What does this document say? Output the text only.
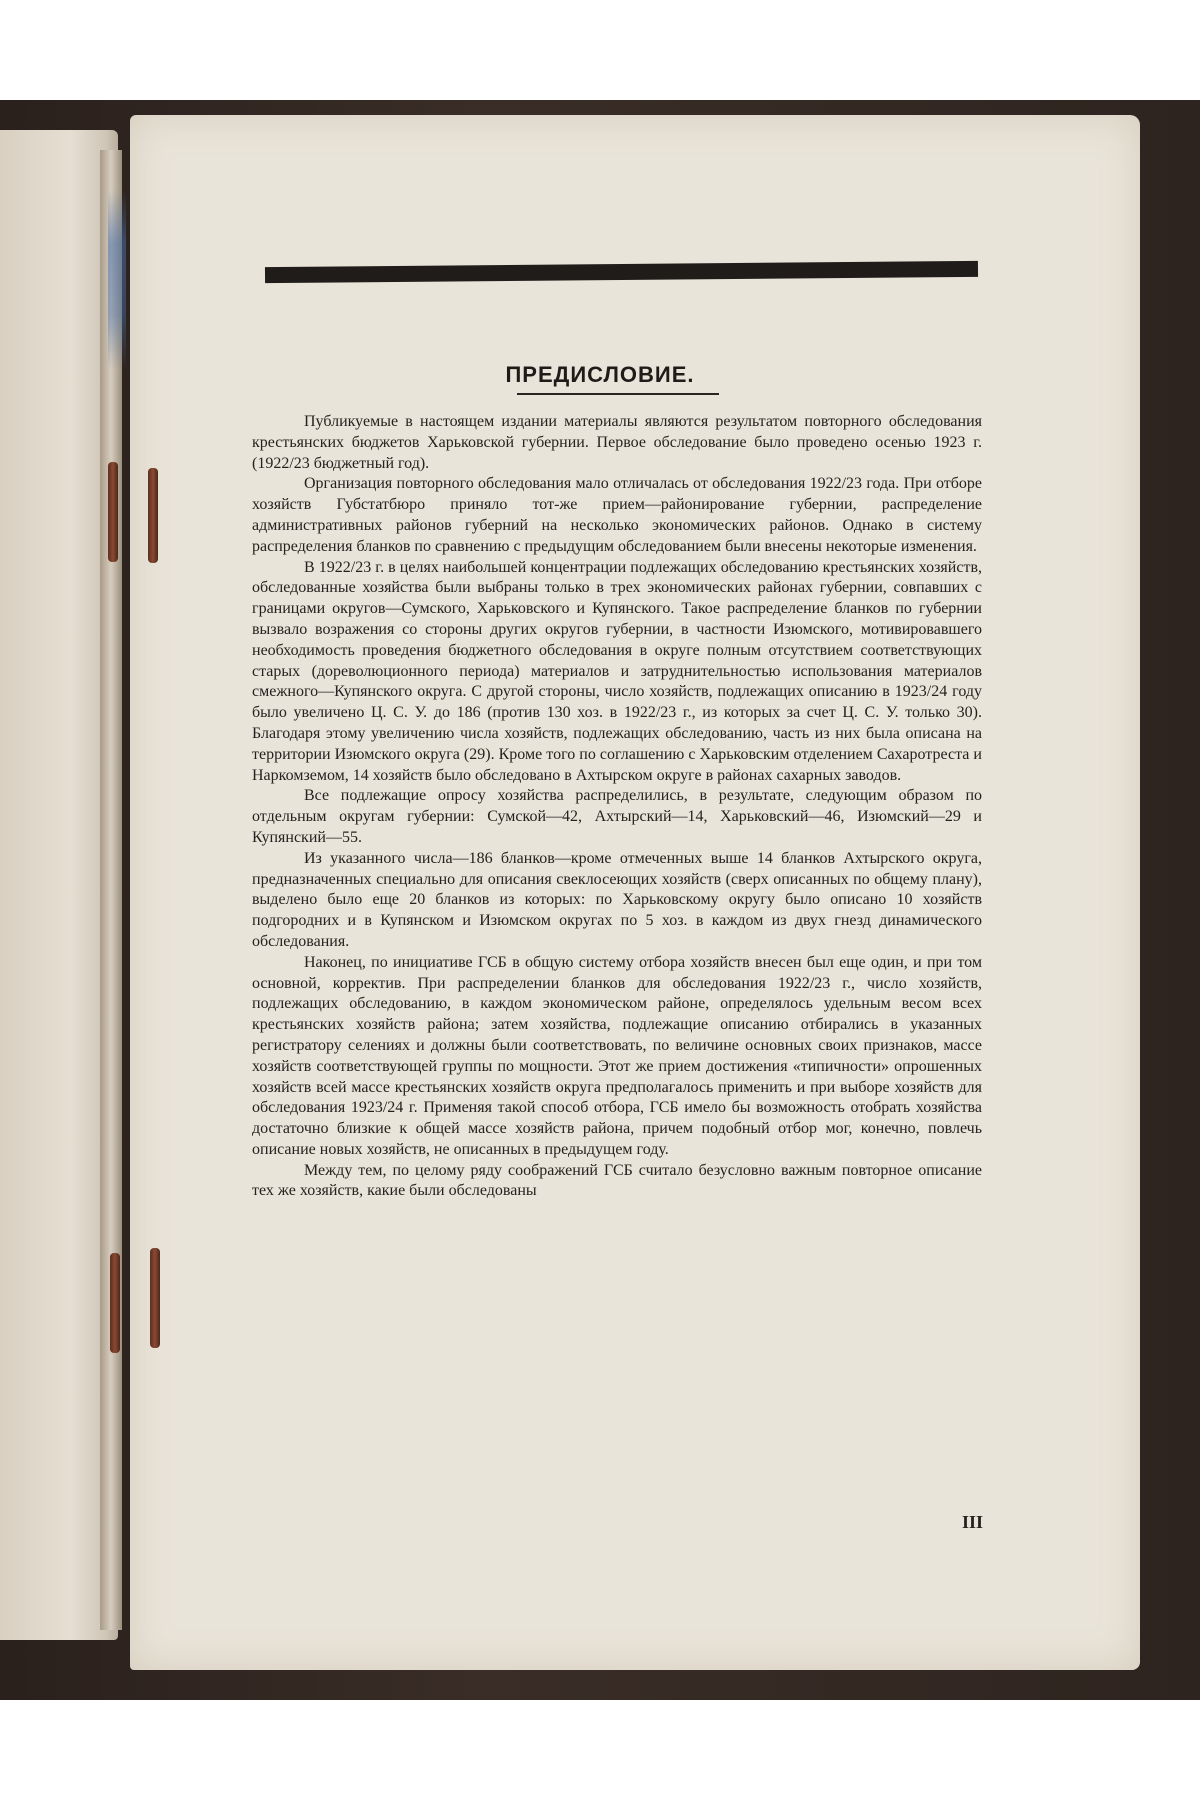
ПРЕДИСЛОВИЕ.

Публикуемые в настоящем издании материалы являются результатом повторного обследования крестьянских бюджетов Харьковской губернии. Первое обследование было проведено осенью 1923 г. (1922/23 бюджетный год).

Организация повторного обследования мало отличалась от обследования 1922/23 года. При отборе хозяйств Губстатбюро приняло тот-же прием—районирование губернии, распределение административных районов губерний на несколько экономических районов. Однако в систему распределения бланков по сравнению с предыдущим обследованием были внесены некоторые изменения.

В 1922/23 г. в целях наибольшей концентрации подлежащих обследованию крестьянских хозяйств, обследованные хозяйства были выбраны только в трех экономических районах губернии, совпавших с границами округов—Сумского, Харьковского и Купянского. Такое распределение бланков по губернии вызвало возражения со стороны других округов губернии, в частности Изюмского, мотивировавшего необходимость проведения бюджетного обследования в округе полным отсутствием соответствующих старых (дореволюционного периода) материалов и затруднительностью использования материалов смежного—Купянского округа. С другой стороны, число хозяйств, подлежащих описанию в 1923/24 году было увеличено Ц. С. У. до 186 (против 130 хоз. в 1922/23 г., из которых за счет Ц. С. У. только 30). Благодаря этому увеличению числа хозяйств, подлежащих обследованию, часть из них была описана на территории Изюмского округа (29). Кроме того по соглашению с Харьковским отделением Сахаротреста и Наркомземом, 14 хозяйств было обследовано в Ахтырском округе в районах сахарных заводов.

Все подлежащие опросу хозяйства распределились, в результате, следующим образом по отдельным округам губернии: Сумской—42, Ахтырский—14, Харьковский—46, Изюмский—29 и Купянский—55.

Из указанного числа—186 бланков—кроме отмеченных выше 14 бланков Ахтырского округа, предназначенных специально для описания свеклосеющих хозяйств (сверх описанных по общему плану), выделено было еще 20 бланков из которых: по Харьковскому округу было описано 10 хозяйств подгородних и в Купянском и Изюмском округах по 5 хоз. в каждом из двух гнезд динамического обследования.

Наконец, по инициативе ГСБ в общую систему отбора хозяйств внесен был еще один, и при том основной, корректив. При распределении бланков для обследования 1922/23 г., число хозяйств, подлежащих обследованию, в каждом экономическом районе, определялось удельным весом всех крестьянских хозяйств района; затем хозяйства, подлежащие описанию отбирались в указанных регистратору селениях и должны были соответствовать, по величине основных своих признаков, массе хозяйств соответствующей группы по мощности. Этот же прием достижения «типичности» опрошенных хозяйств всей массе крестьянских хозяйств округа предполагалось применить и при выборе хозяйств для обследования 1923/24 г. Применяя такой способ отбора, ГСБ имело бы возможность отобрать хозяйства достаточно близкие к общей массе хозяйств района, причем подобный отбор мог, конечно, повлечь описание новых хозяйств, не описанных в предыдущем году.

Между тем, по целому ряду соображений ГСБ считало безусловно важным повторное описание тех же хозяйств, какие были обследованы

III
